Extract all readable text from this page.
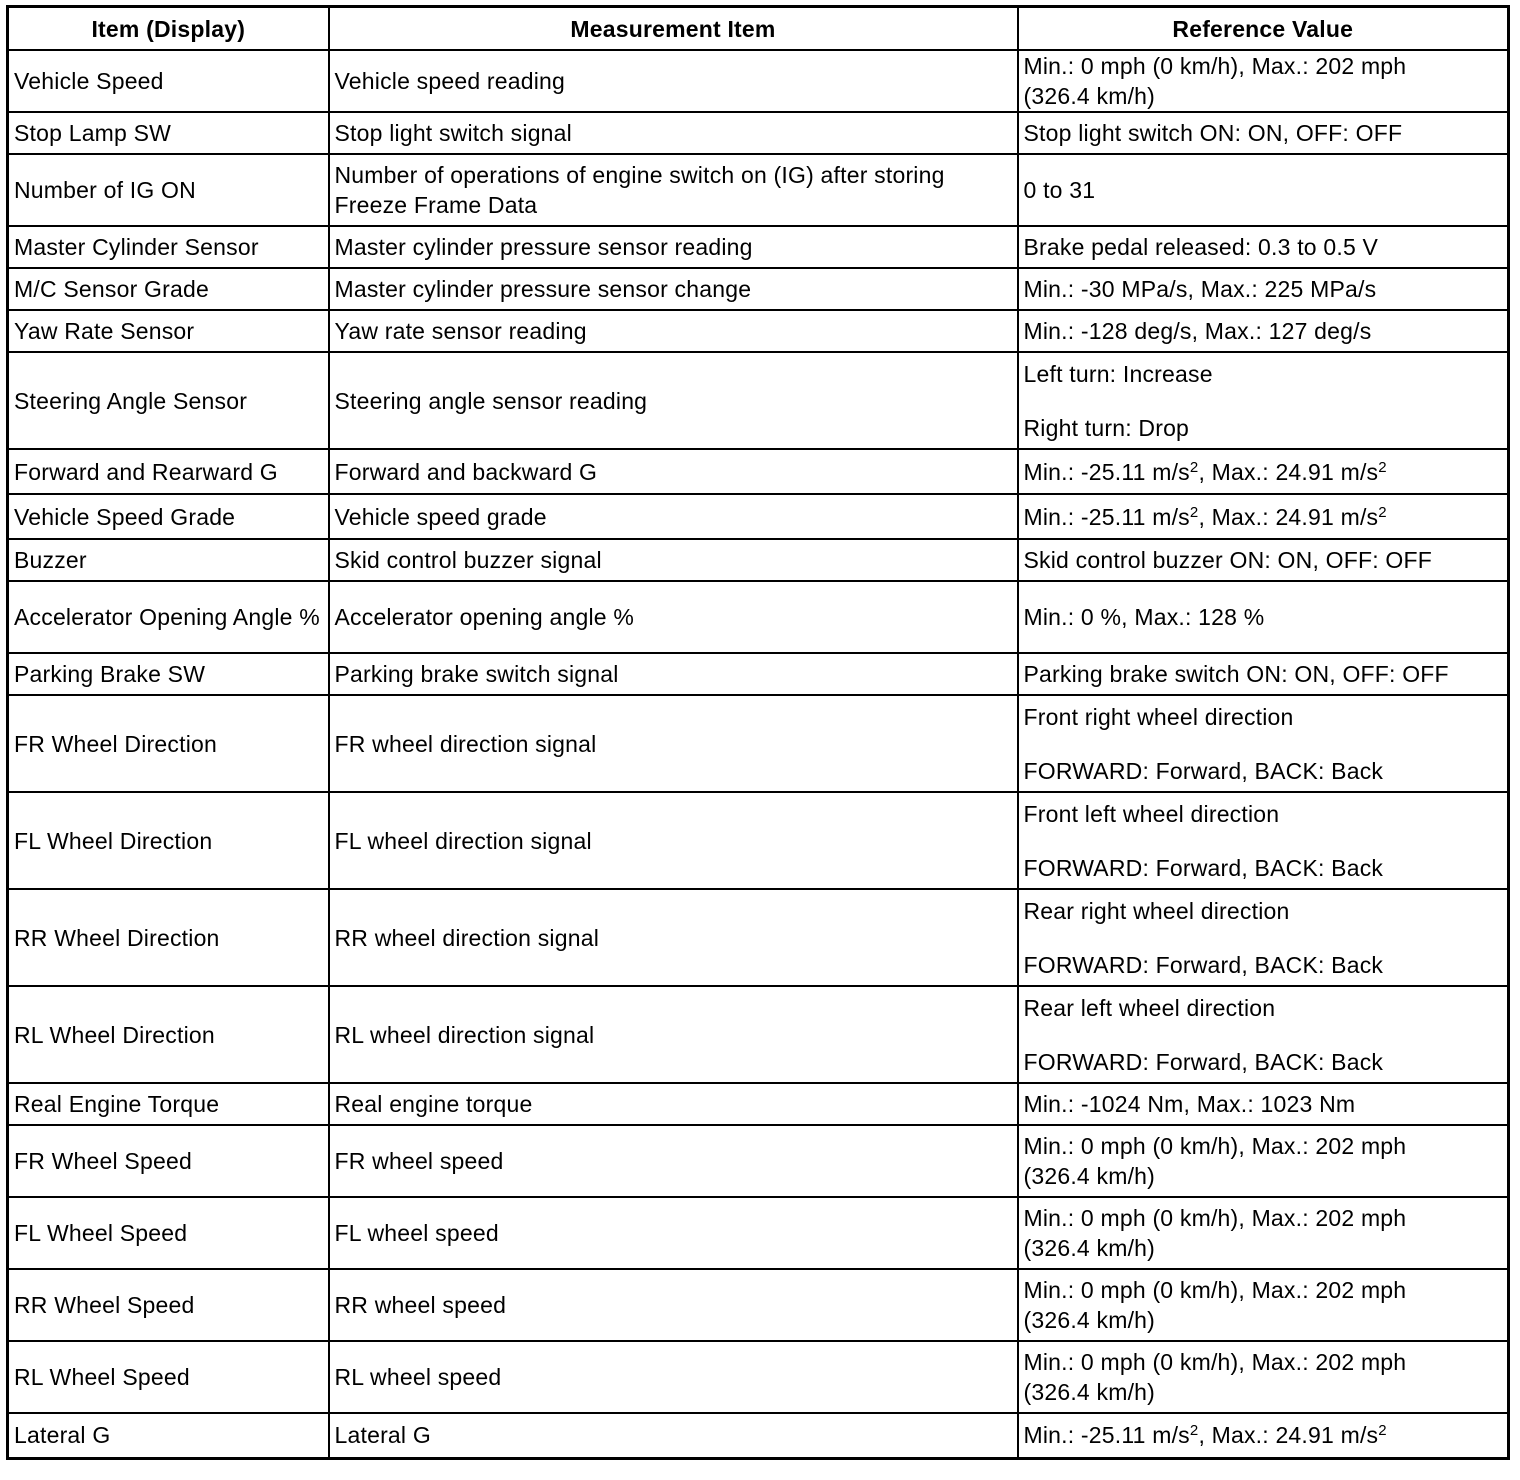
Item (Display)	Measurement Item	Reference Value
Vehicle Speed	Vehicle speed reading	Min.: 0 mph (0 km/h), Max.: 202 mph
(326.4 km/h)

Stop Lamp SW	Stop light switch signal	Stop light switch ON: ON, OFF: OFF

Number of IG ON	Number of operations of engine switch on (IG) after storing Freeze Frame Data	0 to 31

Master Cylinder Sensor	Master cylinder pressure sensor reading	Brake pedal released: 0.3 to 0.5 V

M/C Sensor Grade	Master cylinder pressure sensor change	Min.: -30 MPa/s, Max.: 225 MPa/s

Yaw Rate Sensor	Yaw rate sensor reading	Min.: -128 deg/s, Max.: 127 deg/s

Steering Angle Sensor	Steering angle sensor reading	Left turn: Increase
Right turn: Drop

Forward and Rearward G	Forward and backward G	Min.: -25.11 $m/s^2$, Max.: 24.91 $m/s^2$
Vehicle Speed Grade	Vehicle speed grade	Min.: -25.11 $m/s^2$, Max.: 24.91 $m/s^2$
Buzzer	Skid control buzzer signal	Skid control buzzer ON: ON, OFF: OFF

Accelerator Opening Angle %	Accelerator opening angle %	Min.: 0 %, Max.: 128 %

Parking Brake SW	Parking brake switch signal	Parking brake switch ON: ON, OFF: OFF

FR Wheel Direction	FR wheel direction signal	Front right wheel direction
FORWARD: Forward, BACK: Back

FL Wheel Direction	FL wheel direction signal	Front left wheel direction
FORWARD: Forward, BACK: Back

RR Wheel Direction	RR wheel direction signal	Rear right wheel direction
FORWARD: Forward, BACK: Back

RL Wheel Direction	RL wheel direction signal	Rear left wheel direction
FORWARD: Forward, BACK: Back

Real Engine Torque	Real engine torque	Min.: -1024 Nm, Max.: 1023 Nm

FR Wheel Speed	FR wheel speed	Min.: 0 mph (0 km/h), Max.: 202 mph
(326.4 km/h)

FL Wheel Speed	FL wheel speed	Min.: 0 mph (0 km/h), Max.: 202 mph
(326.4 km/h)

RR Wheel Speed	RR wheel speed	Min.: 0 mph (0 km/h), Max.: 202 mph
(326.4 km/h)

RL Wheel Speed	RL wheel speed	Min.: 0 mph (0 km/h), Max.: 202 mph
(326.4 km/h)

Lateral G	Lateral G	Min.: -25.11 $m/s^2$, Max.: 24.91 $m/s^2$
